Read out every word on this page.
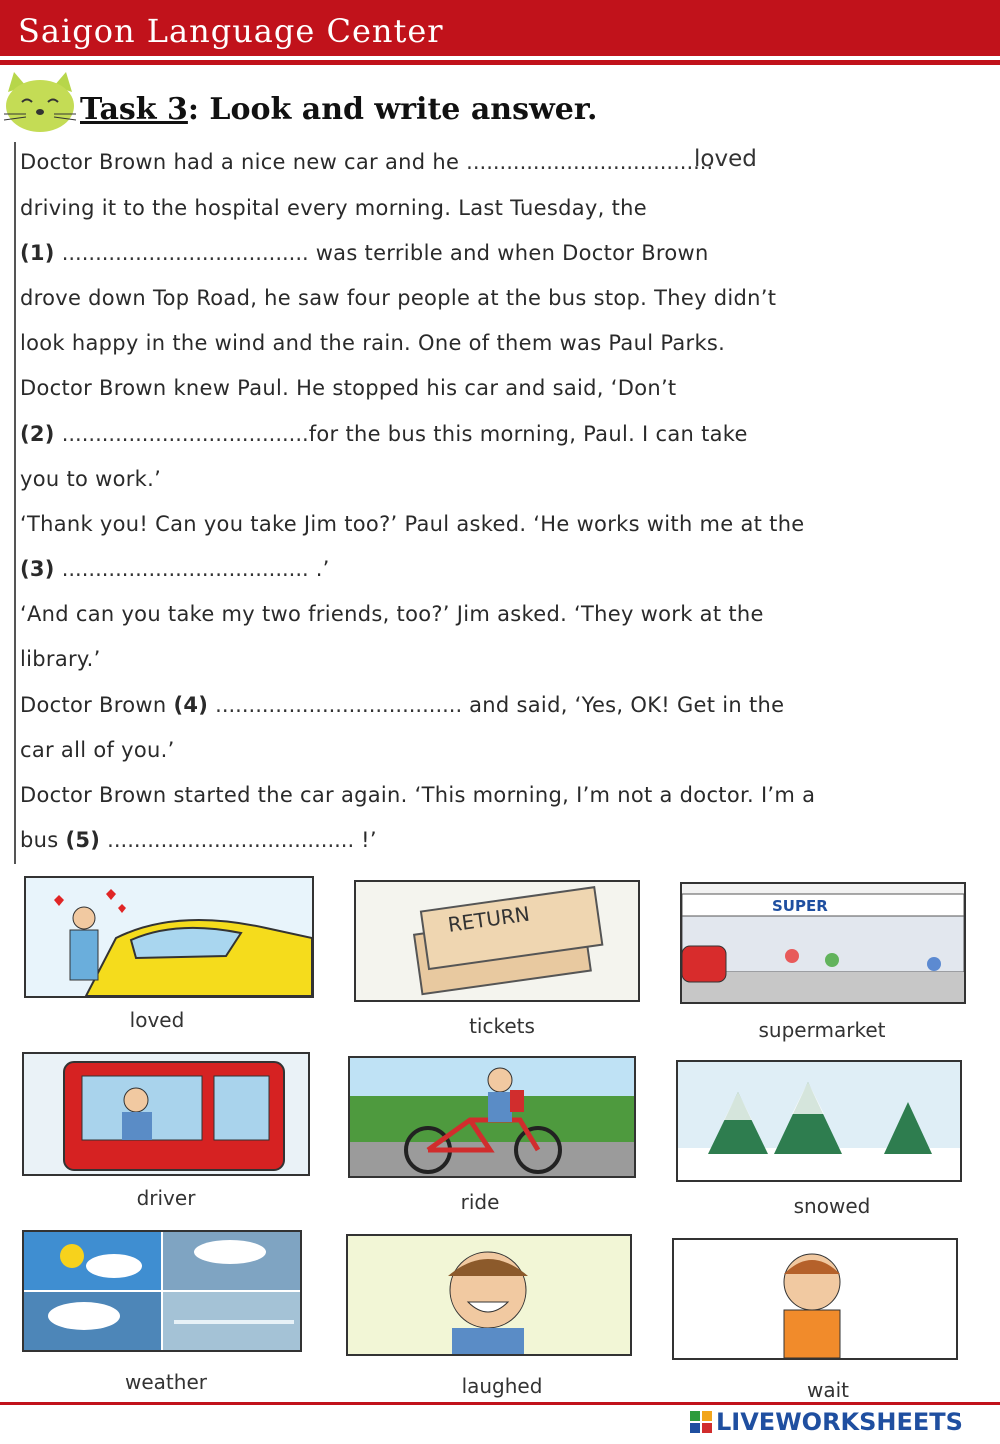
Saigon Language Center
Task 3: Look and write answer.
Doctor Brown had a nice new car and he .....................................
loved
driving it to the hospital every morning. Last Tuesday, the
(1) ..................................... was terrible and when Doctor Brown
drove down Top Road, he saw four people at the bus stop. They didn’t
look happy in the wind and the rain. One of them was Paul Parks.
Doctor Brown knew Paul. He stopped his car and said, ‘Don’t
(2) .....................................for the bus this morning, Paul. I can take
you to work.’
‘Thank you! Can you take Jim too?’ Paul asked. ‘He works with me at the
(3) ..................................... .’
‘And can you take my two friends, too?’ Jim asked. ‘They work at the
library.’
Doctor Brown (4) ..................................... and said, ‘Yes, OK! Get in the
car all of you.’
Doctor Brown started the car again. ‘This morning, I’m not a doctor. I’m a
bus (5) ..................................... !’
loved
RETURN
tickets
SUPER
supermarket
driver	ride	snowed
weather	laughed	wait
LIVEWORKSHEETS
